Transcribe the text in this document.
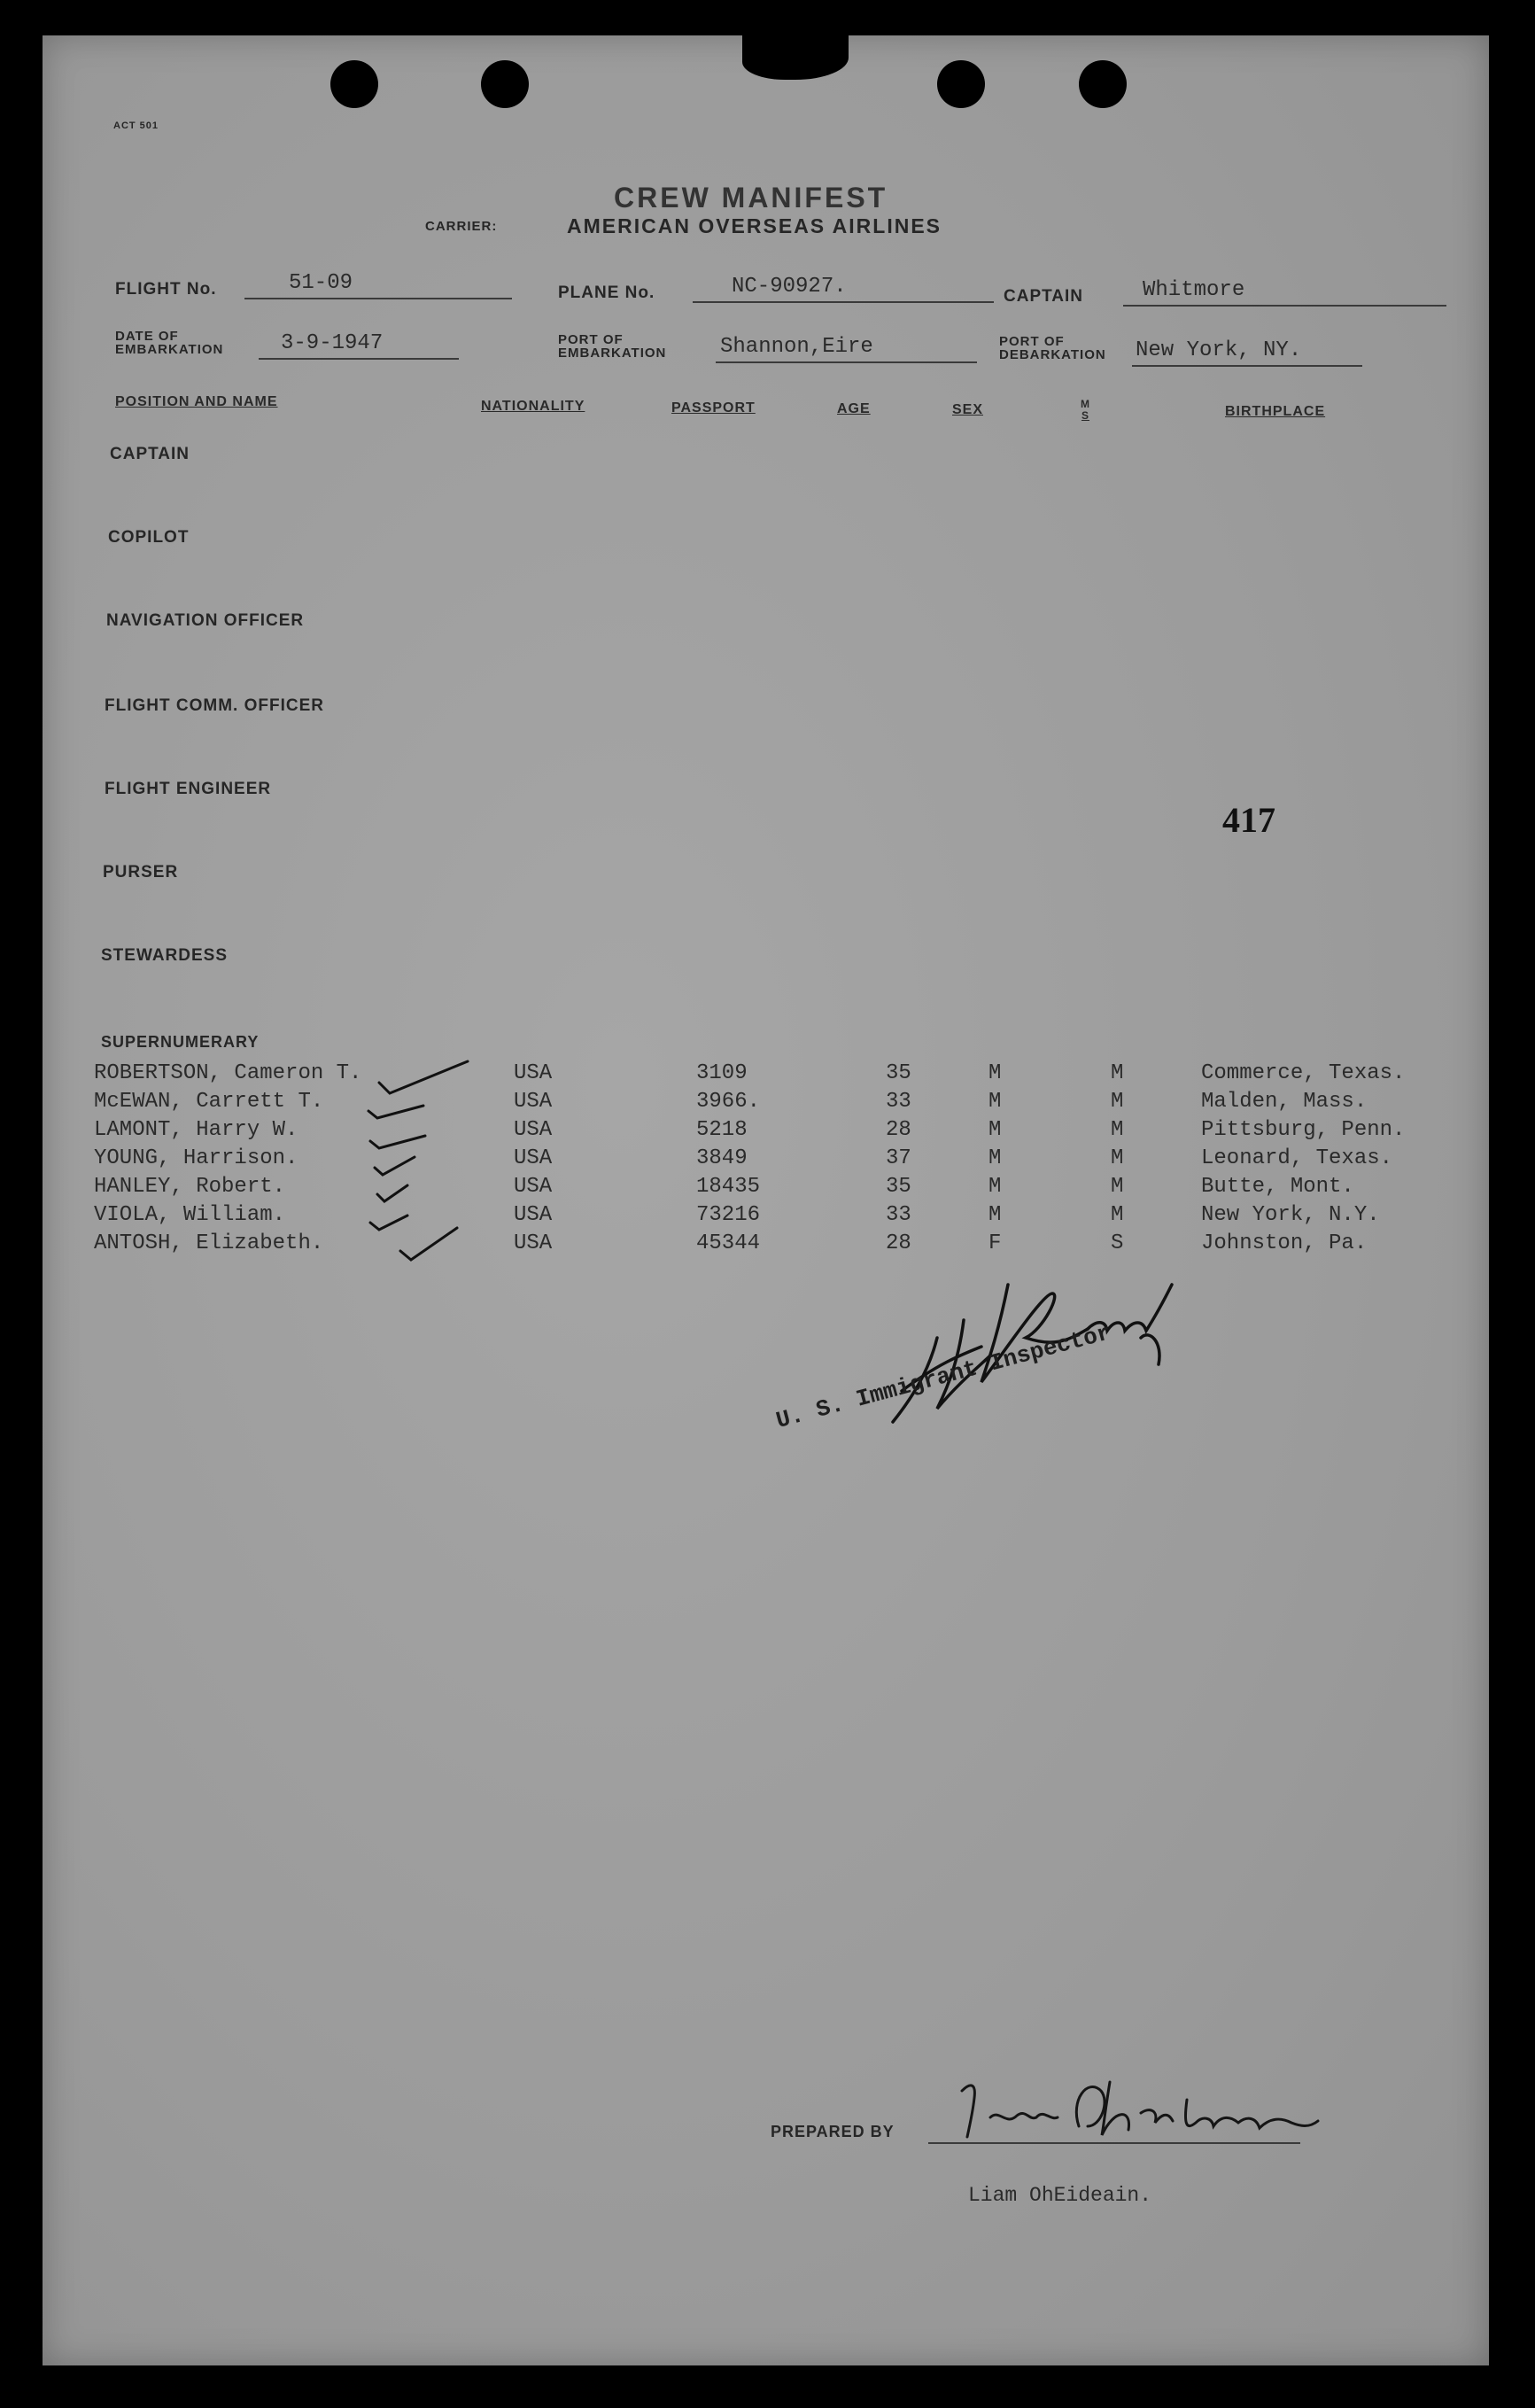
ACT 501
CREW MANIFEST
CARRIER:	AMERICAN OVERSEAS AIRLINES
FLIGHT No.	51-09	PLANE No.	NC-90927.	CAPTAIN	Whitmore
DATE OF
EMBARKATION	3-9-1947	PORT OF
EMBARKATION	Shannon,Eire	PORT OF
DEBARKATION New York, NY.
POSITION AND NAME	NATIONALITY	PASSPORT	AGE	SEX	M
S	BIRTHPLACE
CAPTAIN
COPILOT
NAVIGATION OFFICER
FLIGHT COMM. OFFICER
FLIGHT ENGINEER
PURSER
STEWARDESS
417
SUPERNUMERARY
ROBERTSON, Cameron T.	USA	3109	35	M	M	Commerce, Texas.
McEWAN, Carrett T.	USA	3966.	33	M	M	Malden, Mass.
LAMONT, Harry W.	USA	5218	28	M	M	Pittsburg, Penn.
YOUNG, Harrison.	USA	3849	37	M	M	Leonard, Texas.
HANLEY, Robert.	USA	18435	35	M	M	Butte, Mont.
VIOLA, William.	USA	73216	33	M	M	New York, N.Y.
ANTOSH, Elizabeth.	USA	45344	28	F	S	Johnston, Pa.
U. S. Immigrant Inspector
PREPARED BY
Liam OhEideain.
